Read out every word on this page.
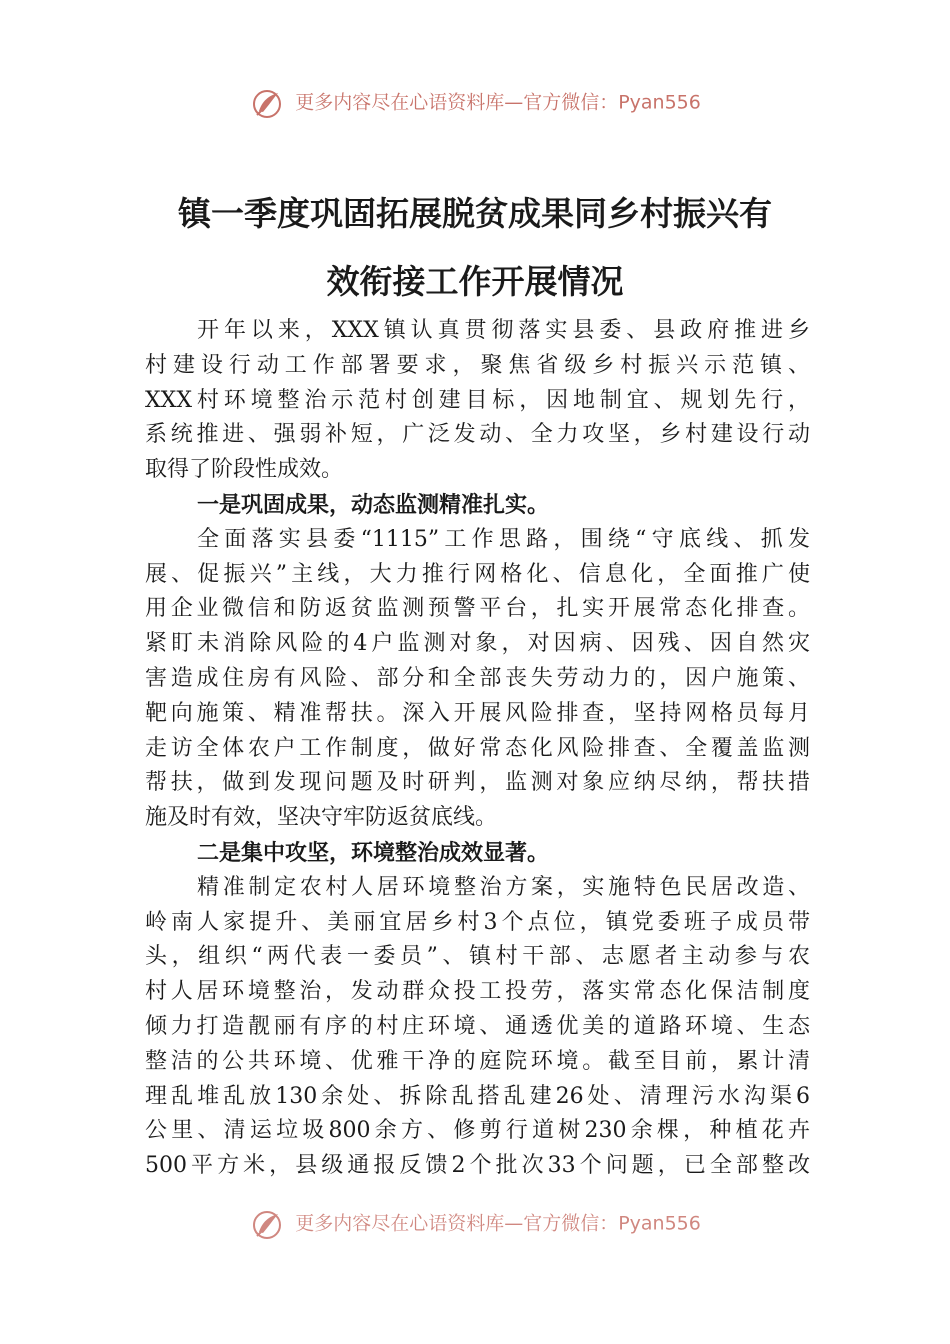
更多内容尽在心语资料库—官方微信：Pyan556
镇一季度巩固拓展脱贫成果同乡村振兴有
效衔接工作开展情况
开年以来，XXX镇认真贯彻落实县委、县政府推进乡
村建设行动工作部署要求，聚焦省级乡村振兴示范镇、
XXX村环境整治示范村创建目标，因地制宜、规划先行，
系统推进、强弱补短，广泛发动、全力攻坚，乡村建设行动
取得了阶段性成效。
一是巩固成果，动态监测精准扎实。
全面落实县委“1115”工作思路，围绕“守底线、抓发
展、促振兴”主线，大力推行网格化、信息化，全面推广使
用企业微信和防返贫监测预警平台，扎实开展常态化排查。
紧盯未消除风险的4户监测对象，对因病、因残、因自然灾
害造成住房有风险、部分和全部丧失劳动力的，因户施策、
靶向施策、精准帮扶。深入开展风险排查，坚持网格员每月
走访全体农户工作制度，做好常态化风险排查、全覆盖监测
帮扶，做到发现问题及时研判，监测对象应纳尽纳，帮扶措
施及时有效，坚决守牢防返贫底线。
二是集中攻坚，环境整治成效显著。
精准制定农村人居环境整治方案，实施特色民居改造、
岭南人家提升、美丽宜居乡村3个点位，镇党委班子成员带
头，组织“两代表一委员”、镇村干部、志愿者主动参与农
村人居环境整治，发动群众投工投劳，落实常态化保洁制度
倾力打造靓丽有序的村庄环境、通透优美的道路环境、生态
整洁的公共环境、优雅干净的庭院环境。截至目前，累计清
理乱堆乱放130余处、拆除乱搭乱建26处、清理污水沟渠6
公里、清运垃圾800余方、修剪行道树230余棵，种植花卉
500平方米，县级通报反馈2个批次33个问题，已全部整改
更多内容尽在心语资料库—官方微信：Pyan556
